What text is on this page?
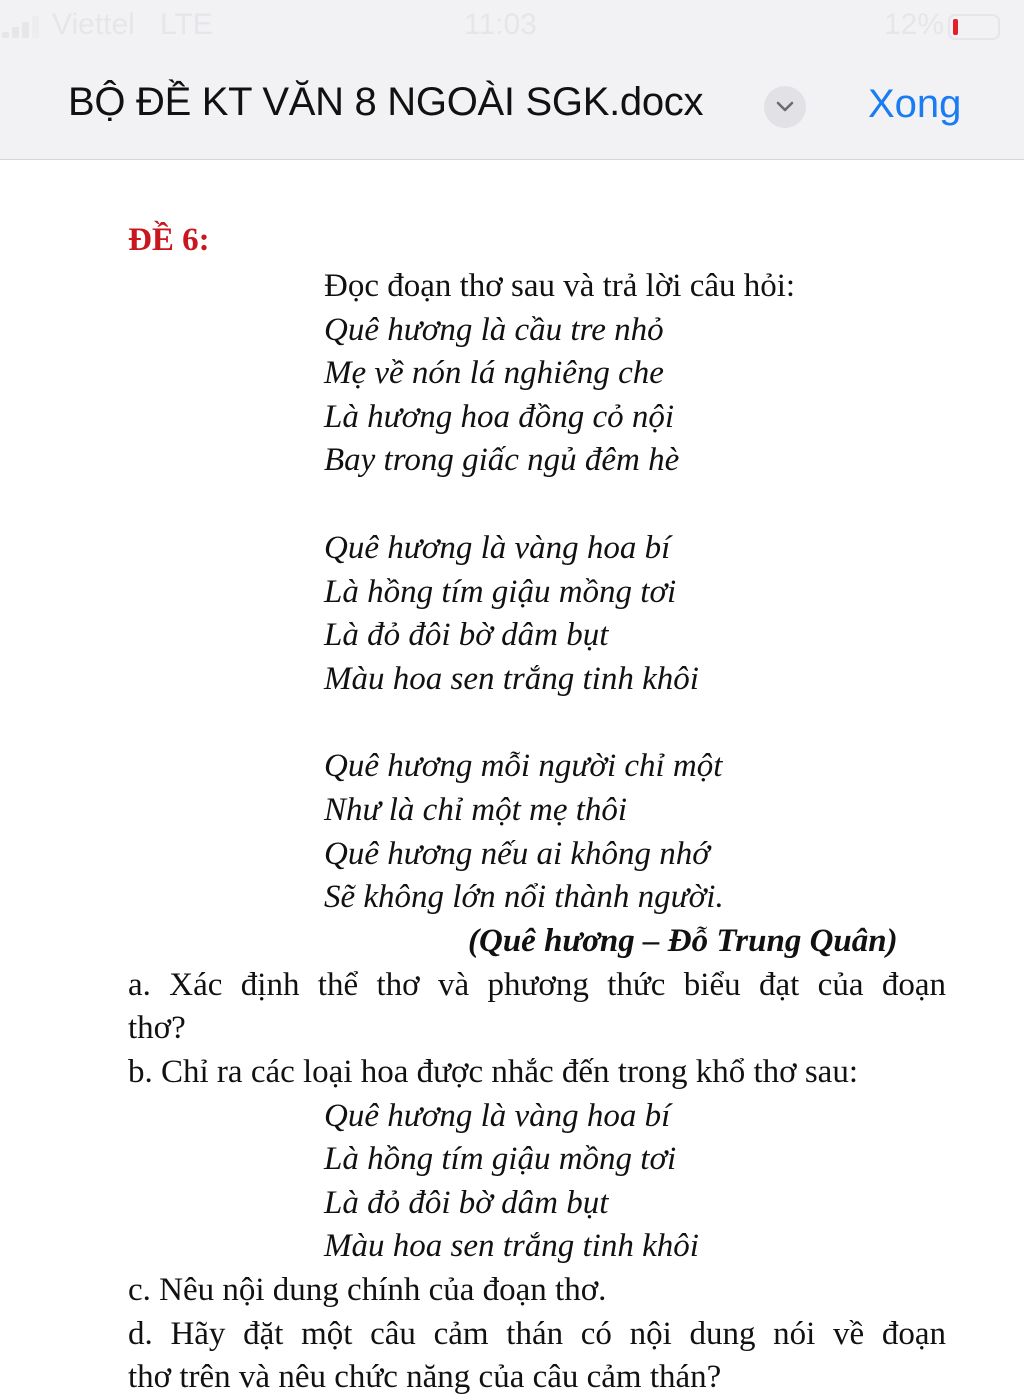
Viettel LTE	11:03	12%
BỘ ĐỀ KT VĂN 8 NGOÀI SGK.docx	Xong
ĐỀ 6:
Đọc đoạn thơ sau và trả lời câu hỏi:
Quê hương là cầu tre nhỏ
Mẹ về nón lá nghiêng che
Là hương hoa đồng cỏ nội
Bay trong giấc ngủ đêm hè
Quê hương là vàng hoa bí
Là hồng tím giậu mồng tơi
Là đỏ đôi bờ dâm bụt
Màu hoa sen trắng tinh khôi
Quê hương mỗi người chỉ một
Như là chỉ một mẹ thôi
Quê hương nếu ai không nhớ
Sẽ không lớn nổi thành người.
(Quê hương – Đỗ Trung Quân)
a. Xác định thể thơ và phương thức biểu đạt của đoạn
thơ?
b. Chỉ ra các loại hoa được nhắc đến trong khổ thơ sau:
Quê hương là vàng hoa bí
Là hồng tím giậu mồng tơi
Là đỏ đôi bờ dâm bụt
Màu hoa sen trắng tinh khôi
c. Nêu nội dung chính của đoạn thơ.
d. Hãy đặt một câu cảm thán có nội dung nói về đoạn
thơ trên và nêu chức năng của câu cảm thán?
